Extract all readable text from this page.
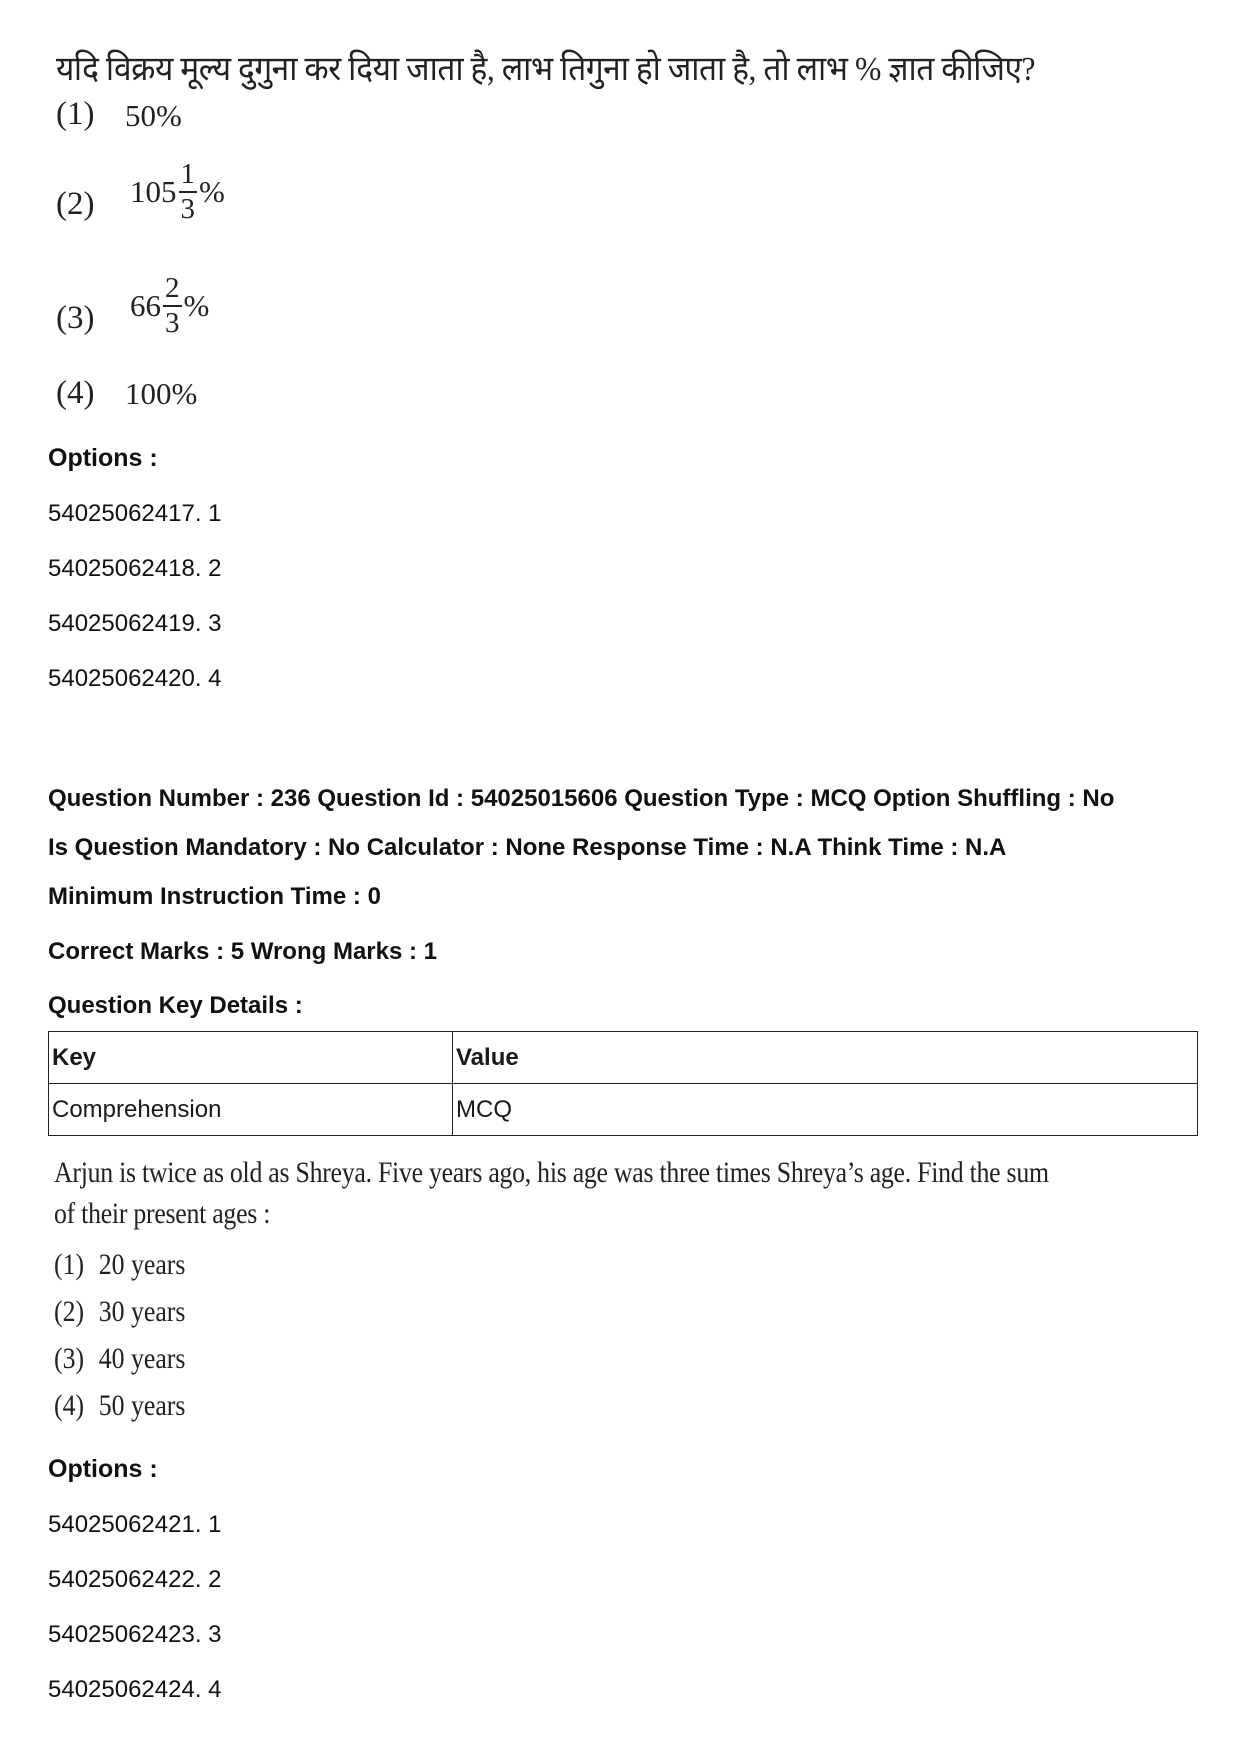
यदि विक्रय मूल्य दुगुना कर दिया जाता है, लाभ तिगुना हो जाता है, तो लाभ % ज्ञात कीजिए?
(1) 50%
(2) $105 \frac{1}{3}$ %
(3) $66 \frac{2}{3}$ %
(4) 100%
Options :
54025062417. 1
54025062418. 2
54025062419. 3
54025062420. 4
Question Number : 236 Question Id : 54025015606 Question Type : MCQ Option Shuffling : No
Is Question Mandatory : No Calculator : None Response Time : N.A Think Time : N.A
Minimum Instruction Time : 0
Correct Marks : 5 Wrong Marks : 1
Question Key Details :
Key	Value
Comprehension	MCQ
Arjun is twice as old as Shreya. Five years ago, his age was three times Shreya’s age. Find the sum
of their present ages :
(1) 20 years
(2) 30 years
(3) 40 years
(4) 50 years
Options :
54025062421. 1
54025062422. 2
54025062423. 3
54025062424. 4
